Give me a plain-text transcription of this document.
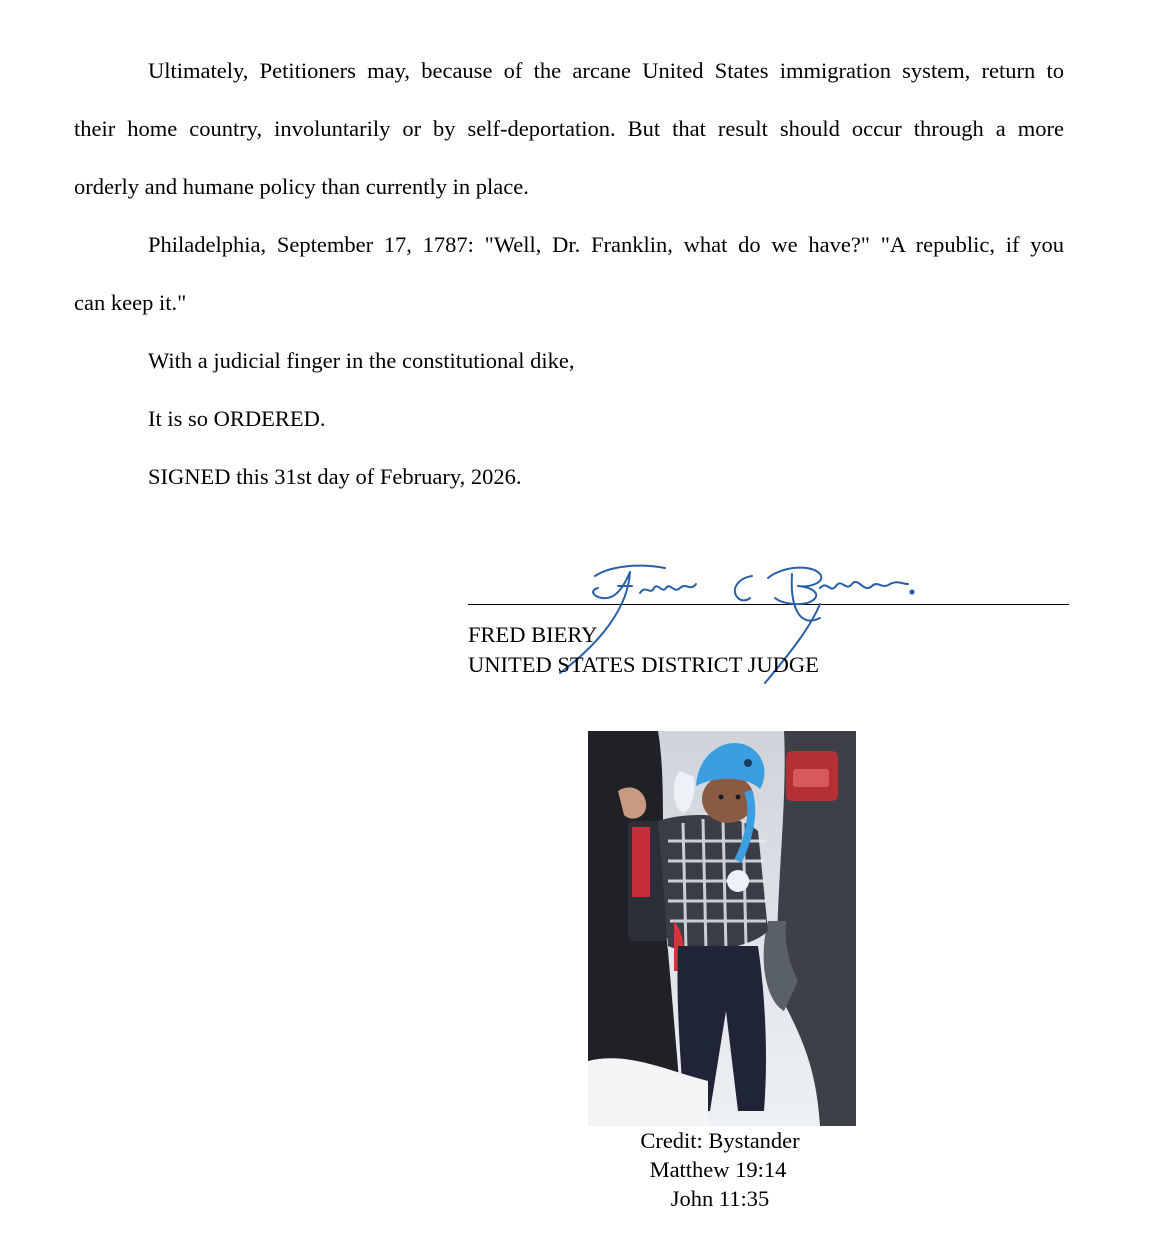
Ultimately, Petitioners may, because of the arcane United States immigration system, return to
their home country, involuntarily or by self-deportation. But that result should occur through a more
orderly and humane policy than currently in place.
Philadelphia, September 17, 1787: "Well, Dr. Franklin, what do we have?" "A republic, if you
can keep it."
With a judicial finger in the constitutional dike,
It is so ORDERED.
SIGNED this 31st day of February, 2026.
FRED BIERY
UNITED STATES DISTRICT JUDGE
Credit: Bystander
Matthew 19:14
John 11:35
